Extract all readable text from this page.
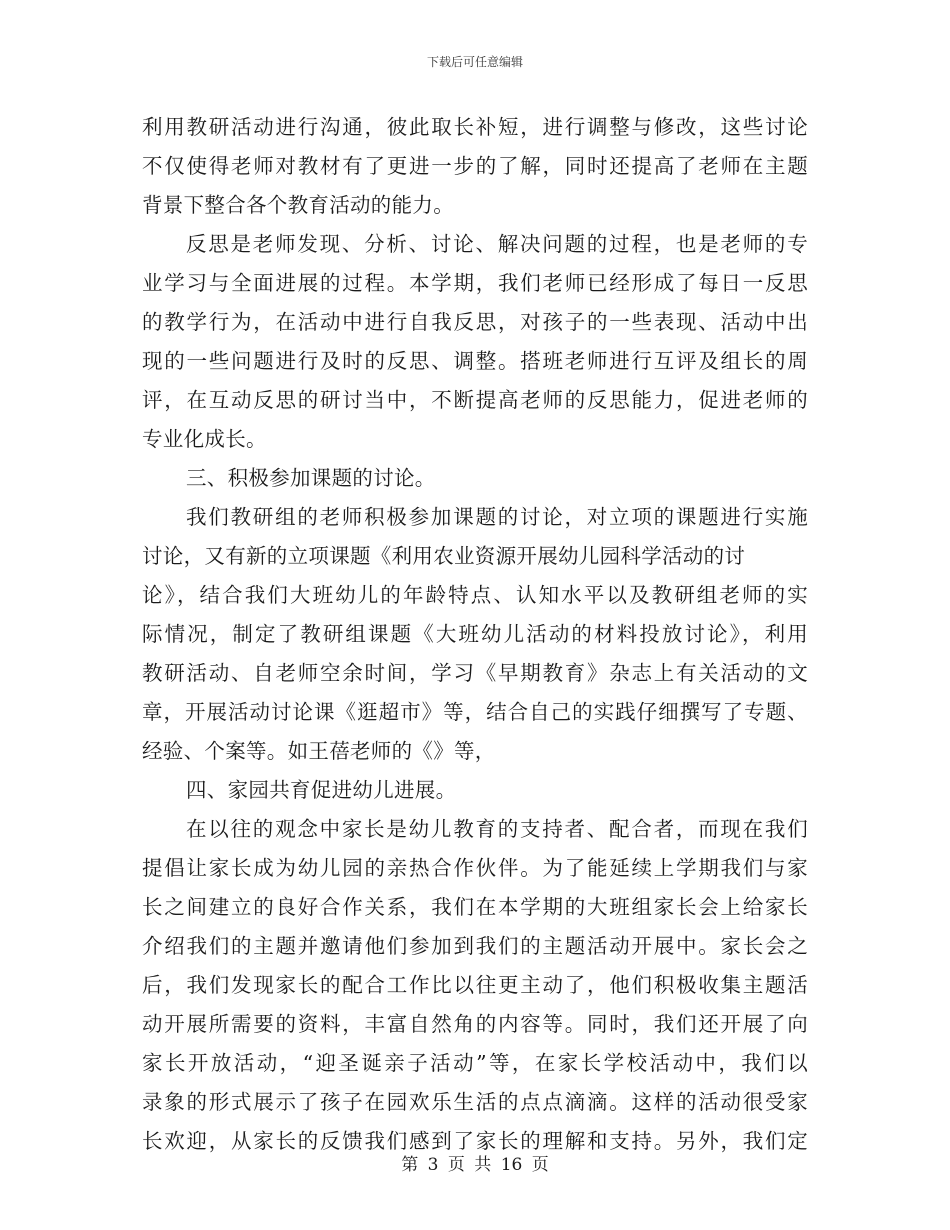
下载后可任意编辑
利用教研活动进行沟通，彼此取长补短，进行调整与修改，这些讨论
不仅使得老师对教材有了更进一步的了解，同时还提高了老师在主题
背景下整合各个教育活动的能力。
反思是老师发现、分析、讨论、解决问题的过程，也是老师的专
业学习与全面进展的过程。本学期，我们老师已经形成了每日一反思
的教学行为，在活动中进行自我反思，对孩子的一些表现、活动中出
现的一些问题进行及时的反思、调整。搭班老师进行互评及组长的周
评，在互动反思的研讨当中，不断提高老师的反思能力，促进老师的
专业化成长。
三、积极参加课题的讨论。
我们教研组的老师积极参加课题的讨论，对立项的课题进行实施
讨论，又有新的立项课题《利用农业资源开展幼儿园科学活动的讨
论》，结合我们大班幼儿的年龄特点、认知水平以及教研组老师的实
际情况，制定了教研组课题《大班幼儿活动的材料投放讨论》，利用
教研活动、自老师空余时间，学习《早期教育》杂志上有关活动的文
章，开展活动讨论课《逛超市》等，结合自己的实践仔细撰写了专题、
经验、个案等。如王蓓老师的《》等，
四、家园共育促进幼儿进展。
在以往的观念中家长是幼儿教育的支持者、配合者，而现在我们
提倡让家长成为幼儿园的亲热合作伙伴。为了能延续上学期我们与家
长之间建立的良好合作关系，我们在本学期的大班组家长会上给家长
介绍我们的主题并邀请他们参加到我们的主题活动开展中。家长会之
后，我们发现家长的配合工作比以往更主动了，他们积极收集主题活
动开展所需要的资料，丰富自然角的内容等。同时，我们还开展了向
家长开放活动，“迎圣诞亲子活动”等，在家长学校活动中，我们以
录象的形式展示了孩子在园欢乐生活的点点滴滴。这样的活动很受家
长欢迎，从家长的反馈我们感到了家长的理解和支持。另外，我们定
第 3 页 共 16 页
